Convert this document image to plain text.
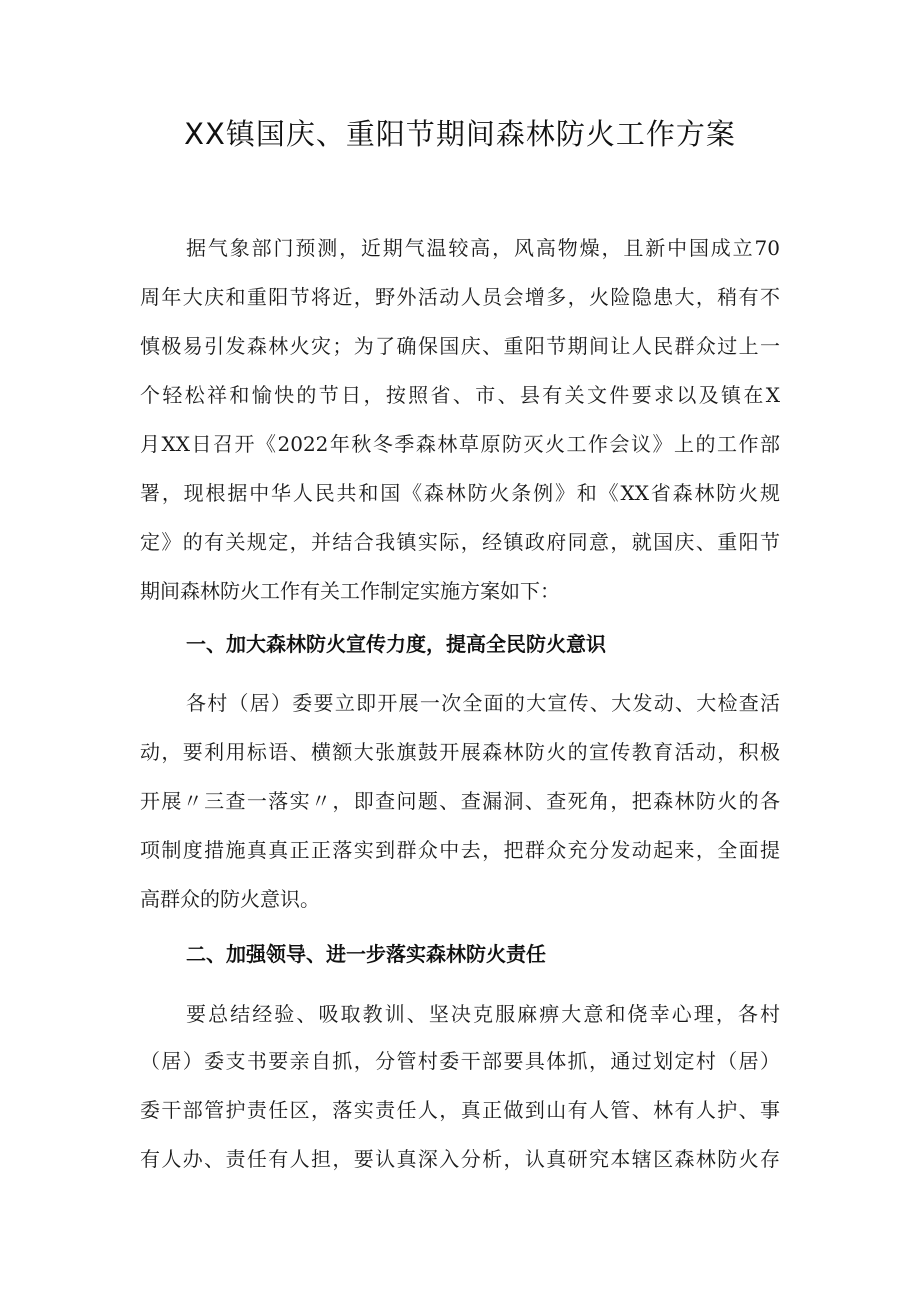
XX镇国庆、重阳节期间森林防火工作方案
据气象部门预测，近期气温较高，风高物燥，且新中国成立70
周年大庆和重阳节将近，野外活动人员会增多，火险隐患大，稍有不
慎极易引发森林火灾；为了确保国庆、重阳节期间让人民群众过上一
个轻松祥和愉快的节日，按照省、市、县有关文件要求以及镇在X
月XX日召开《2022年秋冬季森林草原防灭火工作会议》上的工作部
署，现根据中华人民共和国《森林防火条例》和《XX省森林防火规
定》的有关规定，并结合我镇实际，经镇政府同意，就国庆、重阳节
期间森林防火工作有关工作制定实施方案如下：
一、加大森林防火宣传力度，提高全民防火意识
各村（居）委要立即开展一次全面的大宣传、大发动、大检查活
动，要利用标语、横额大张旗鼓开展森林防火的宣传教育活动，积极
开展〃三查一落实〃，即查问题、查漏洞、查死角，把森林防火的各
项制度措施真真正正落实到群众中去，把群众充分发动起来，全面提
高群众的防火意识。
二、加强领导、进一步落实森林防火责任
要总结经验、吸取教训、坚决克服麻痹大意和侥幸心理，各村
（居）委支书要亲自抓，分管村委干部要具体抓，通过划定村（居）
委干部管护责任区，落实责任人，真正做到山有人管、林有人护、事
有人办、责任有人担，要认真深入分析，认真研究本辖区森林防火存
